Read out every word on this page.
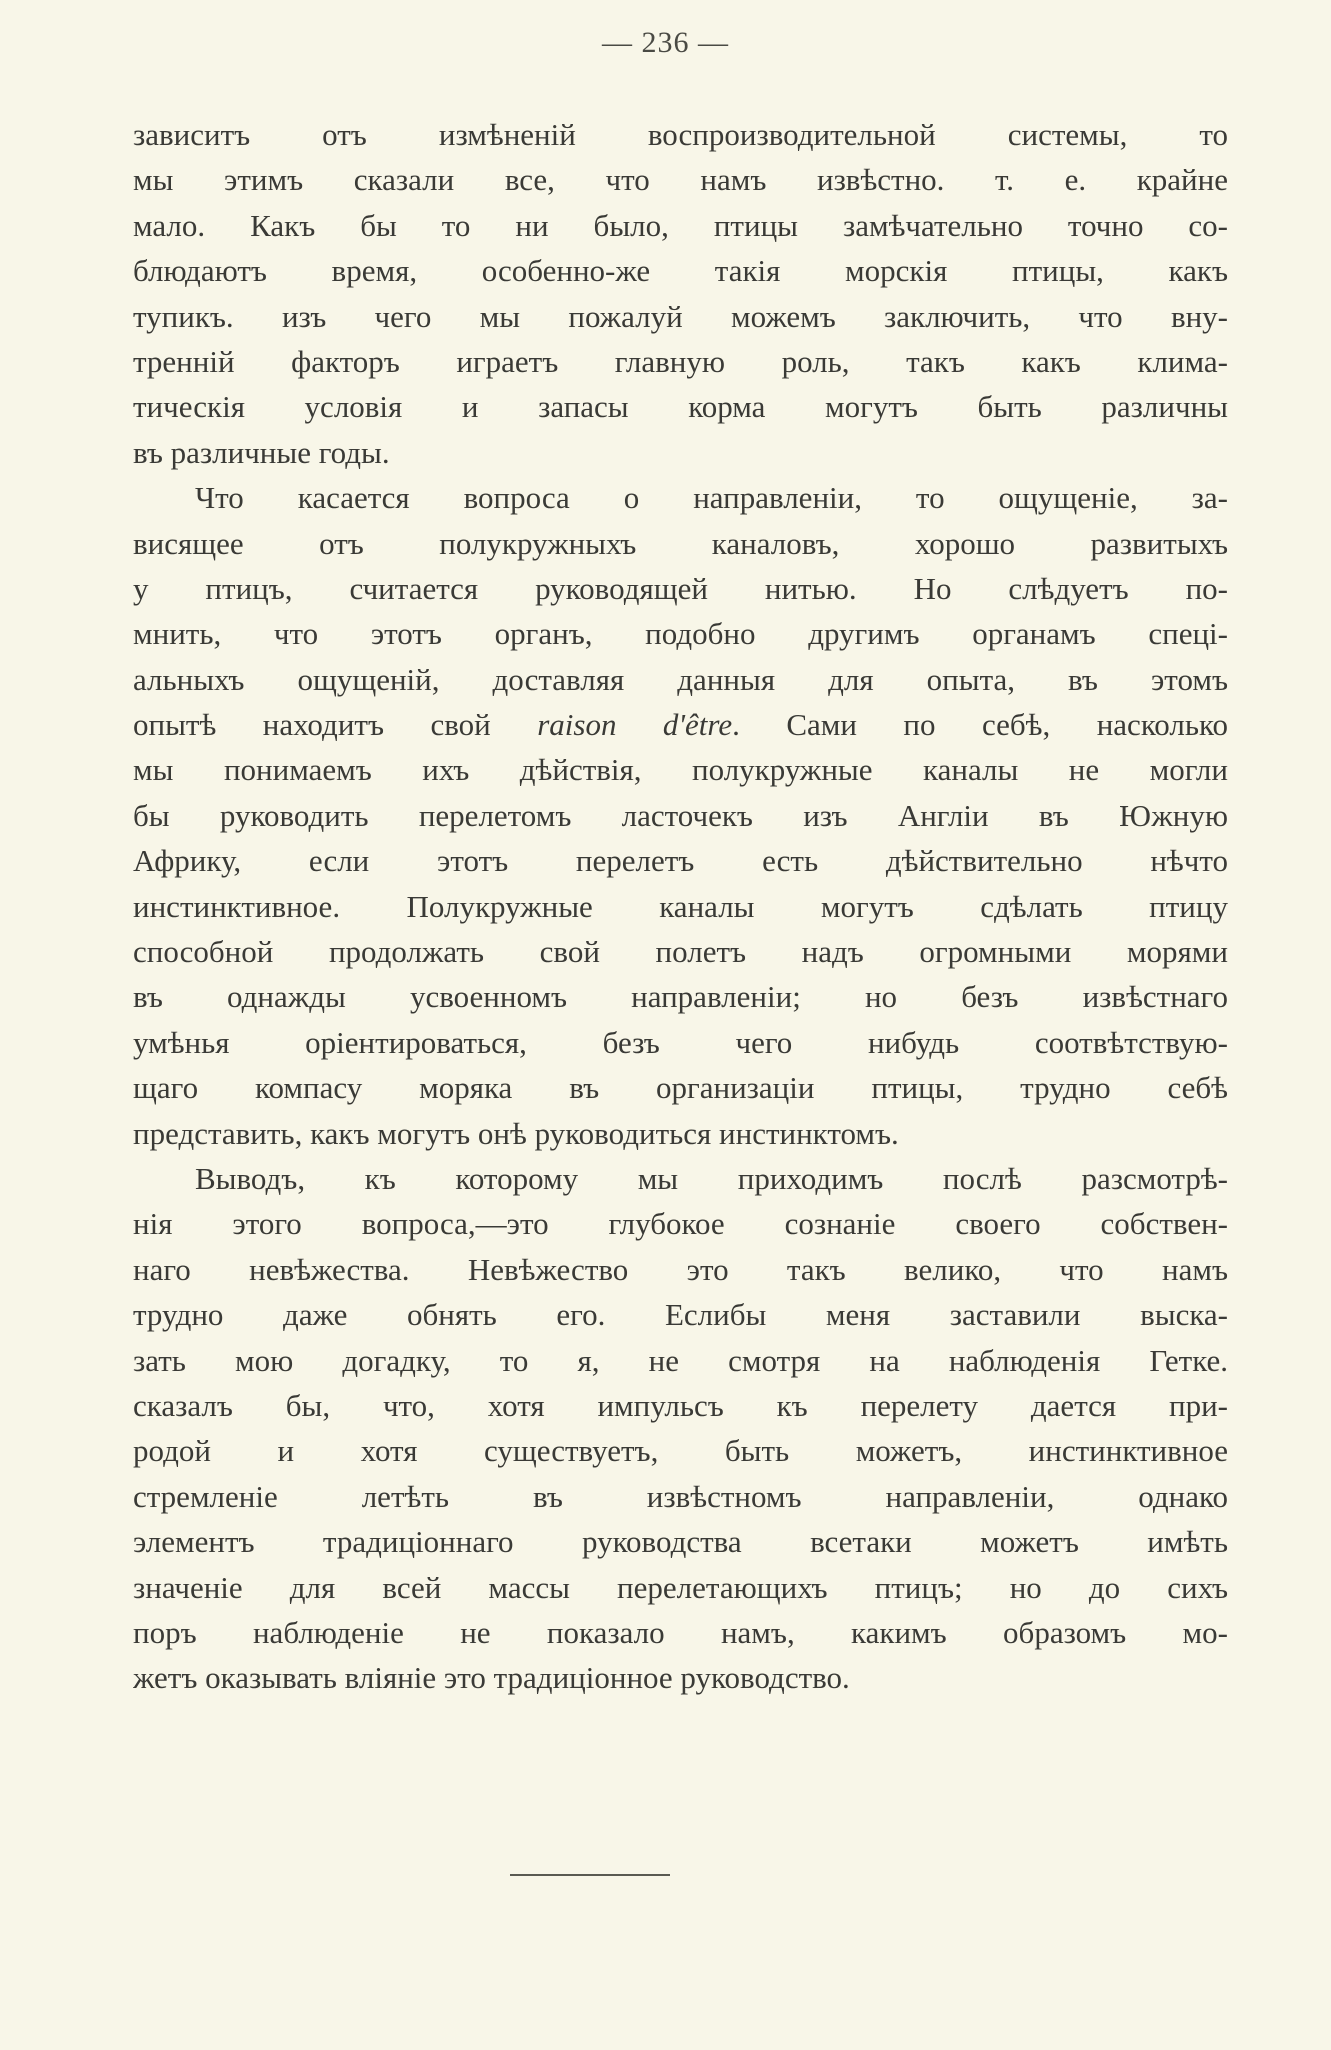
— 236 —
зависитъ отъ измѣненій воспроизводительной системы, то
мы этимъ сказали все, что намъ извѣстно. т. е. крайне
мало. Какъ бы то ни было, птицы замѣчательно точно со-
блюдаютъ время, особенно-же такія морскія птицы, какъ
тупикъ. изъ чего мы пожалуй можемъ заключить, что вну-
тренній факторъ играетъ главную роль, такъ какъ клима-
тическія условія и запасы корма могутъ быть различны
въ различные годы.
Что касается вопроса о направленіи, то ощущеніе, за-
висящее отъ полукружныхъ каналовъ, хорошо развитыхъ
у птицъ, считается руководящей нитью. Но слѣдуетъ по-
мнить, что этотъ органъ, подобно другимъ органамъ спеці-
альныхъ ощущеній, доставляя данныя для опыта, въ этомъ
опытѣ находитъ свой raison d'être. Сами по себѣ, насколько
мы понимаемъ ихъ дѣйствія, полукружные каналы не могли
бы руководить перелетомъ ласточекъ изъ Англіи въ Южную
Африку, если этотъ перелетъ есть дѣйствительно нѣчто
инстинктивное. Полукружные каналы могутъ сдѣлать птицу
способной продолжать свой полетъ надъ огромными морями
въ однажды усвоенномъ направленіи; но безъ извѣстнаго
умѣнья оріентироваться, безъ чего нибудь соотвѣтствую-
щаго компасу моряка въ организаціи птицы, трудно себѣ
представить, какъ могутъ онѣ руководиться инстинктомъ.
Выводъ, къ которому мы приходимъ послѣ разсмотрѣ-
нія этого вопроса,—это глубокое сознаніе своего собствен-
наго невѣжества. Невѣжество это такъ велико, что намъ
трудно даже обнять его. Еслибы меня заставили выска-
зать мою догадку, то я, не смотря на наблюденія Гетке.
сказалъ бы, что, хотя импульсъ къ перелету дается при-
родой и хотя существуетъ, быть можетъ, инстинктивное
стремленіе летѣть въ извѣстномъ направленіи, однако
элементъ традиціоннаго руководства всетаки можетъ имѣть
значеніе для всей массы перелетающихъ птицъ; но до сихъ
поръ наблюденіе не показало намъ, какимъ образомъ мо-
жетъ оказывать вліяніе это традиціонное руководство.
